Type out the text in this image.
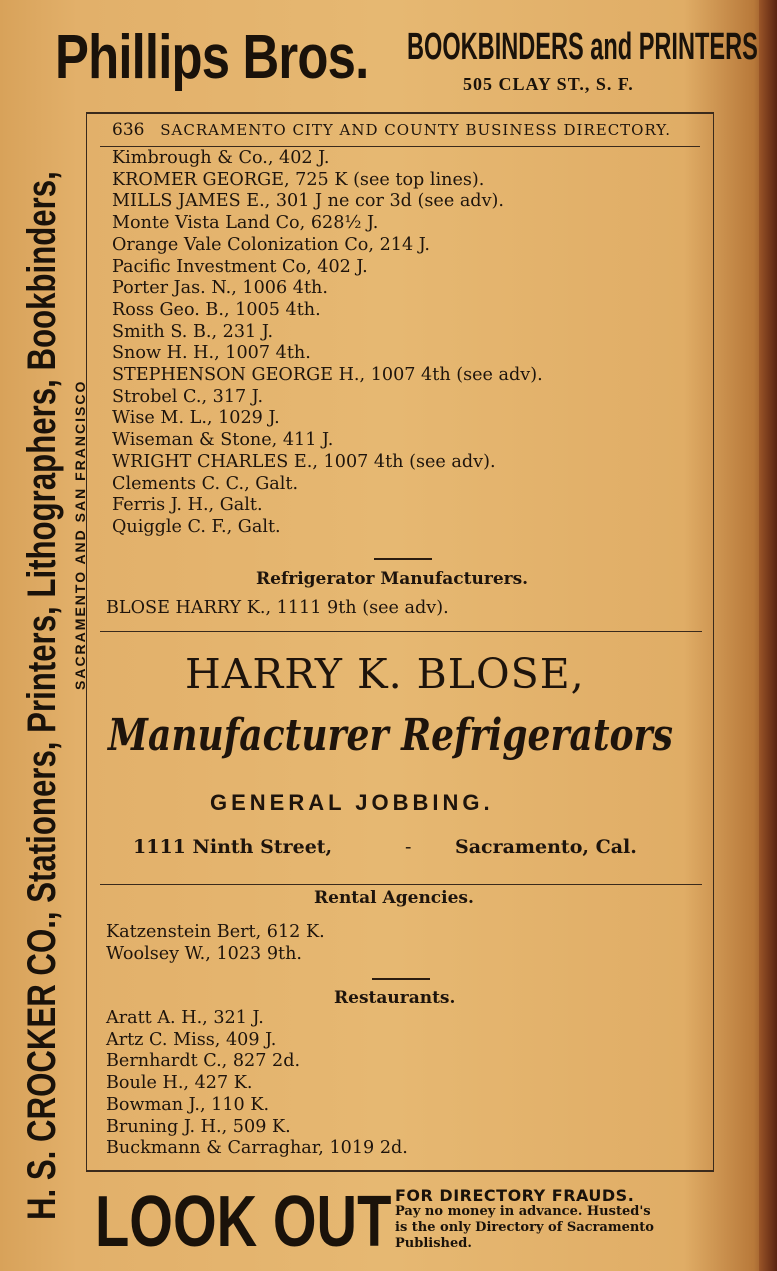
Phillips Bros. BOOKBINDERS and PRINTERS
505 CLAY ST., S. F.
H. S. CROCKER CO., Stationers, Printers, Lithographers, Bookbinders, SACRAMENTO AND SAN FRANCISCO
636 SACRAMENTO CITY AND COUNTY BUSINESS DIRECTORY.
Kimbrough & Co., 402 J.
KROMER GEORGE, 725 K (see top lines).
MILLS JAMES E., 301 J ne cor 3d (see adv).
Monte Vista Land Co, 628½ J.
Orange Vale Colonization Co, 214 J.
Pacific Investment Co, 402 J.
Porter Jas. N., 1006 4th.
Ross Geo. B., 1005 4th.
Smith S. B., 231 J.
Snow H. H., 1007 4th.
STEPHENSON GEORGE H., 1007 4th (see adv).
Strobel C., 317 J.
Wise M. L., 1029 J.
Wiseman & Stone, 411 J.
WRIGHT CHARLES E., 1007 4th (see adv).
Clements C. C., Galt.
Ferris J. H., Galt.
Quiggle C. F., Galt.
Refrigerator Manufacturers.
BLOSE HARRY K., 1111 9th (see adv).
HARRY K. BLOSE,
Manufacturer Refrigerators
GENERAL JOBBING.
1111 Ninth Street,	- Sacramento, Cal.
Rental Agencies.
Katzenstein Bert, 612 K.
Woolsey W., 1023 9th.
Restaurants.
Aratt A. H., 321 J.
Artz C. Miss, 409 J.
Bernhardt C., 827 2d.
Boule H., 427 K.
Bowman J., 110 K.
Bruning J. H., 509 K.
Buckmann & Carraghar, 1019 2d.
LOOK OUT FOR DIRECTORY FRAUDS.
Pay no money in advance. Husted's
is the only Directory of Sacramento
Published.
